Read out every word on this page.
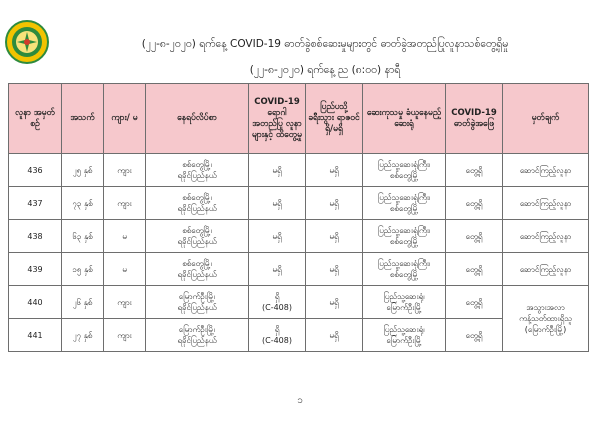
(၂၂-၈-၂၀၂၀) ရက်နေ့ COVID-19 ဓာတ်ခွဲစစ်ဆေးမှုများတွင် ဓာတ်ခွဲအတည်ပြုလူနာသစ်တွေ့ရှိမှု
(၂၂-၈-၂၀၂၀) ရက်နေ့ ည (၈:၀၀) နာရီ
လူနာ အမှတ် စဉ်	အသက်	ကျား/ မ	နေရပ်လိပ်စာ	COVID-19 ရောဂါ အတည်ပြု လူနာများနှင့် ထိတွေ့မှု	ပြည်ပသို့ ခရီးသွား ရာဇဝင် ရှိ/မရှိ	ဆေးကုသမှု ခံယူနေမည့်ဆေးရုံ	COVID-19 ဓာတ်ခွဲအဖြေ	မှတ်ချက်
436	၂၅ နှစ်	ကျား	စစ်တွေမြို့၊
ရခိုင်ပြည်နယ်	မရှိ	မရှိ	ပြည်သူ့ဆေးရုံကြီး၊
စစ်တွေမြို့	တွေ့ရှိ	ဆောင်ကြည့်လူနာ
437	၇၃ နှစ်	ကျား	စစ်တွေမြို့၊
ရခိုင်ပြည်နယ်	မရှိ	မရှိ	ပြည်သူ့ဆေးရုံကြီး၊
စစ်တွေမြို့	တွေ့ရှိ	ဆောင်ကြည့်လူနာ
438	၆၃ နှစ်	မ	စစ်တွေမြို့၊
ရခိုင်ပြည်နယ်	မရှိ	မရှိ	ပြည်သူ့ဆေးရုံကြီး၊
စစ်တွေမြို့	တွေ့ရှိ	ဆောင်ကြည့်လူနာ
439	၁၅ နှစ်	မ	စစ်တွေမြို့၊
ရခိုင်ပြည်နယ်	မရှိ	မရှိ	ပြည်သူ့ဆေးရုံကြီး၊
စစ်တွေမြို့	တွေ့ရှိ	ဆောင်ကြည့်လူနာ
440	၂၆ နှစ်	ကျား	မြောက်ဦးမြို့၊
ရခိုင်ပြည်နယ်	ရှိ
(C-408)	မရှိ	ပြည်သူ့ဆေးရုံ၊
မြောက်ဦးမြို့	တွေ့ရှိ	အသွားအလာ
ကန့်သတ်ထားရှိသူ
(မြောက်ဦးမြို့)

441	၂၇ နှစ်	ကျား	မြောက်ဦးမြို့၊
ရခိုင်ပြည်နယ်	ရှိ
(C-408)	မရှိ	ပြည်သူ့ဆေးရုံ၊
မြောက်ဦးမြို့	တွေ့ရှိ	
၁
